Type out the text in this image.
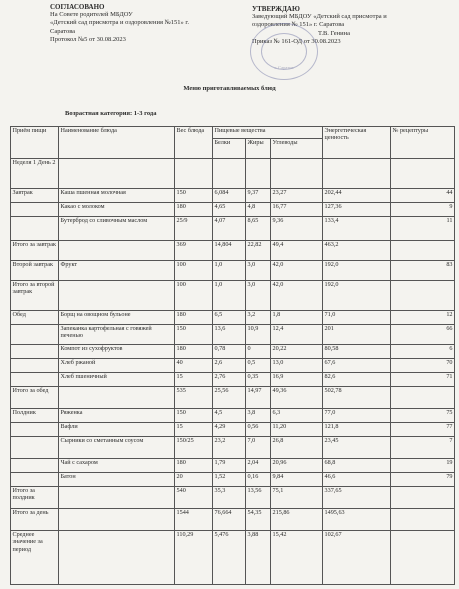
СОГЛАСОВАНО
На Совете родителей МБДОУ
«Детский сад присмотра и оздоровления №151» г.
Саратова
Протокол №5 от 30.08.2023
УТВЕРЖДАЮ
Заведующий МБДОУ «Детский сад присмотра и
оздоровления № 151» г. Саратова
Т.В. Генина
Приказ № 161-ОД от 30.08.2023
г. Саратов
Меню приготавливаемых блюд
Возрастная категория: 1-3 года
Приём пищи	Наименование блюда	Вес блюда	Пищевые вещества			Энергетическая ценность	№ рецептуры
			Белки	Жиры	Углеводы		
Неделя 1 День 2							
Завтрак	Каша пшенная молочная	150	6,084	9,37	23,27	202,44	44
	Какао с молоком	180	4,65	4,8	16,77	127,36	9
	Бутерброд со сливочным маслом	25/9	4,07	8,65	9,36	133,4	11
Итого за завтрак		369	14,804	22,82	49,4	463,2	
Второй завтрак	Фрукт	100	1,0	3,0	42,0	192,0	83
Итого за второй завтрак		100	1,0	3,0	42,0	192,0	
Обед	Борщ на овощном бульоне	180	6,5	3,2	1,8	71,0	12
	Запеканка картофельная с говяжей печенью	150	13,6	10,9	12,4	201	66
	Компот из сухофруктов	180	0,78	0	20,22	80,58	6
	Хлеб ржаной	40	2,6	0,5	13,0	67,6	70
	Хлеб пшеничный	15	2,76	0,35	16,9	82,6	71
Итого за обед		535	25,56	14,97	49,36	502,78	
Полдник	Ряженка	150	4,5	3,8	6,3	77,0	75
	Вафли	15	4,29	0,56	11,20	121,8	77
	Сырники со сметанным соусом	150/25	23,2	7,0	26,8	23,45	7
	Чай с сахаром	180	1,79	2,04	20,96	68,8	19
	Батон	20	1,52	0,16	9,84	46,6	79
Итого за полдник		540	35,3	13,56	75,1	337,65	
Итого за день		1544	76,664	54,35	215,86	1495,63	
Среднее значение за период		110,29	5,476	3,88	15,42	102,67	
